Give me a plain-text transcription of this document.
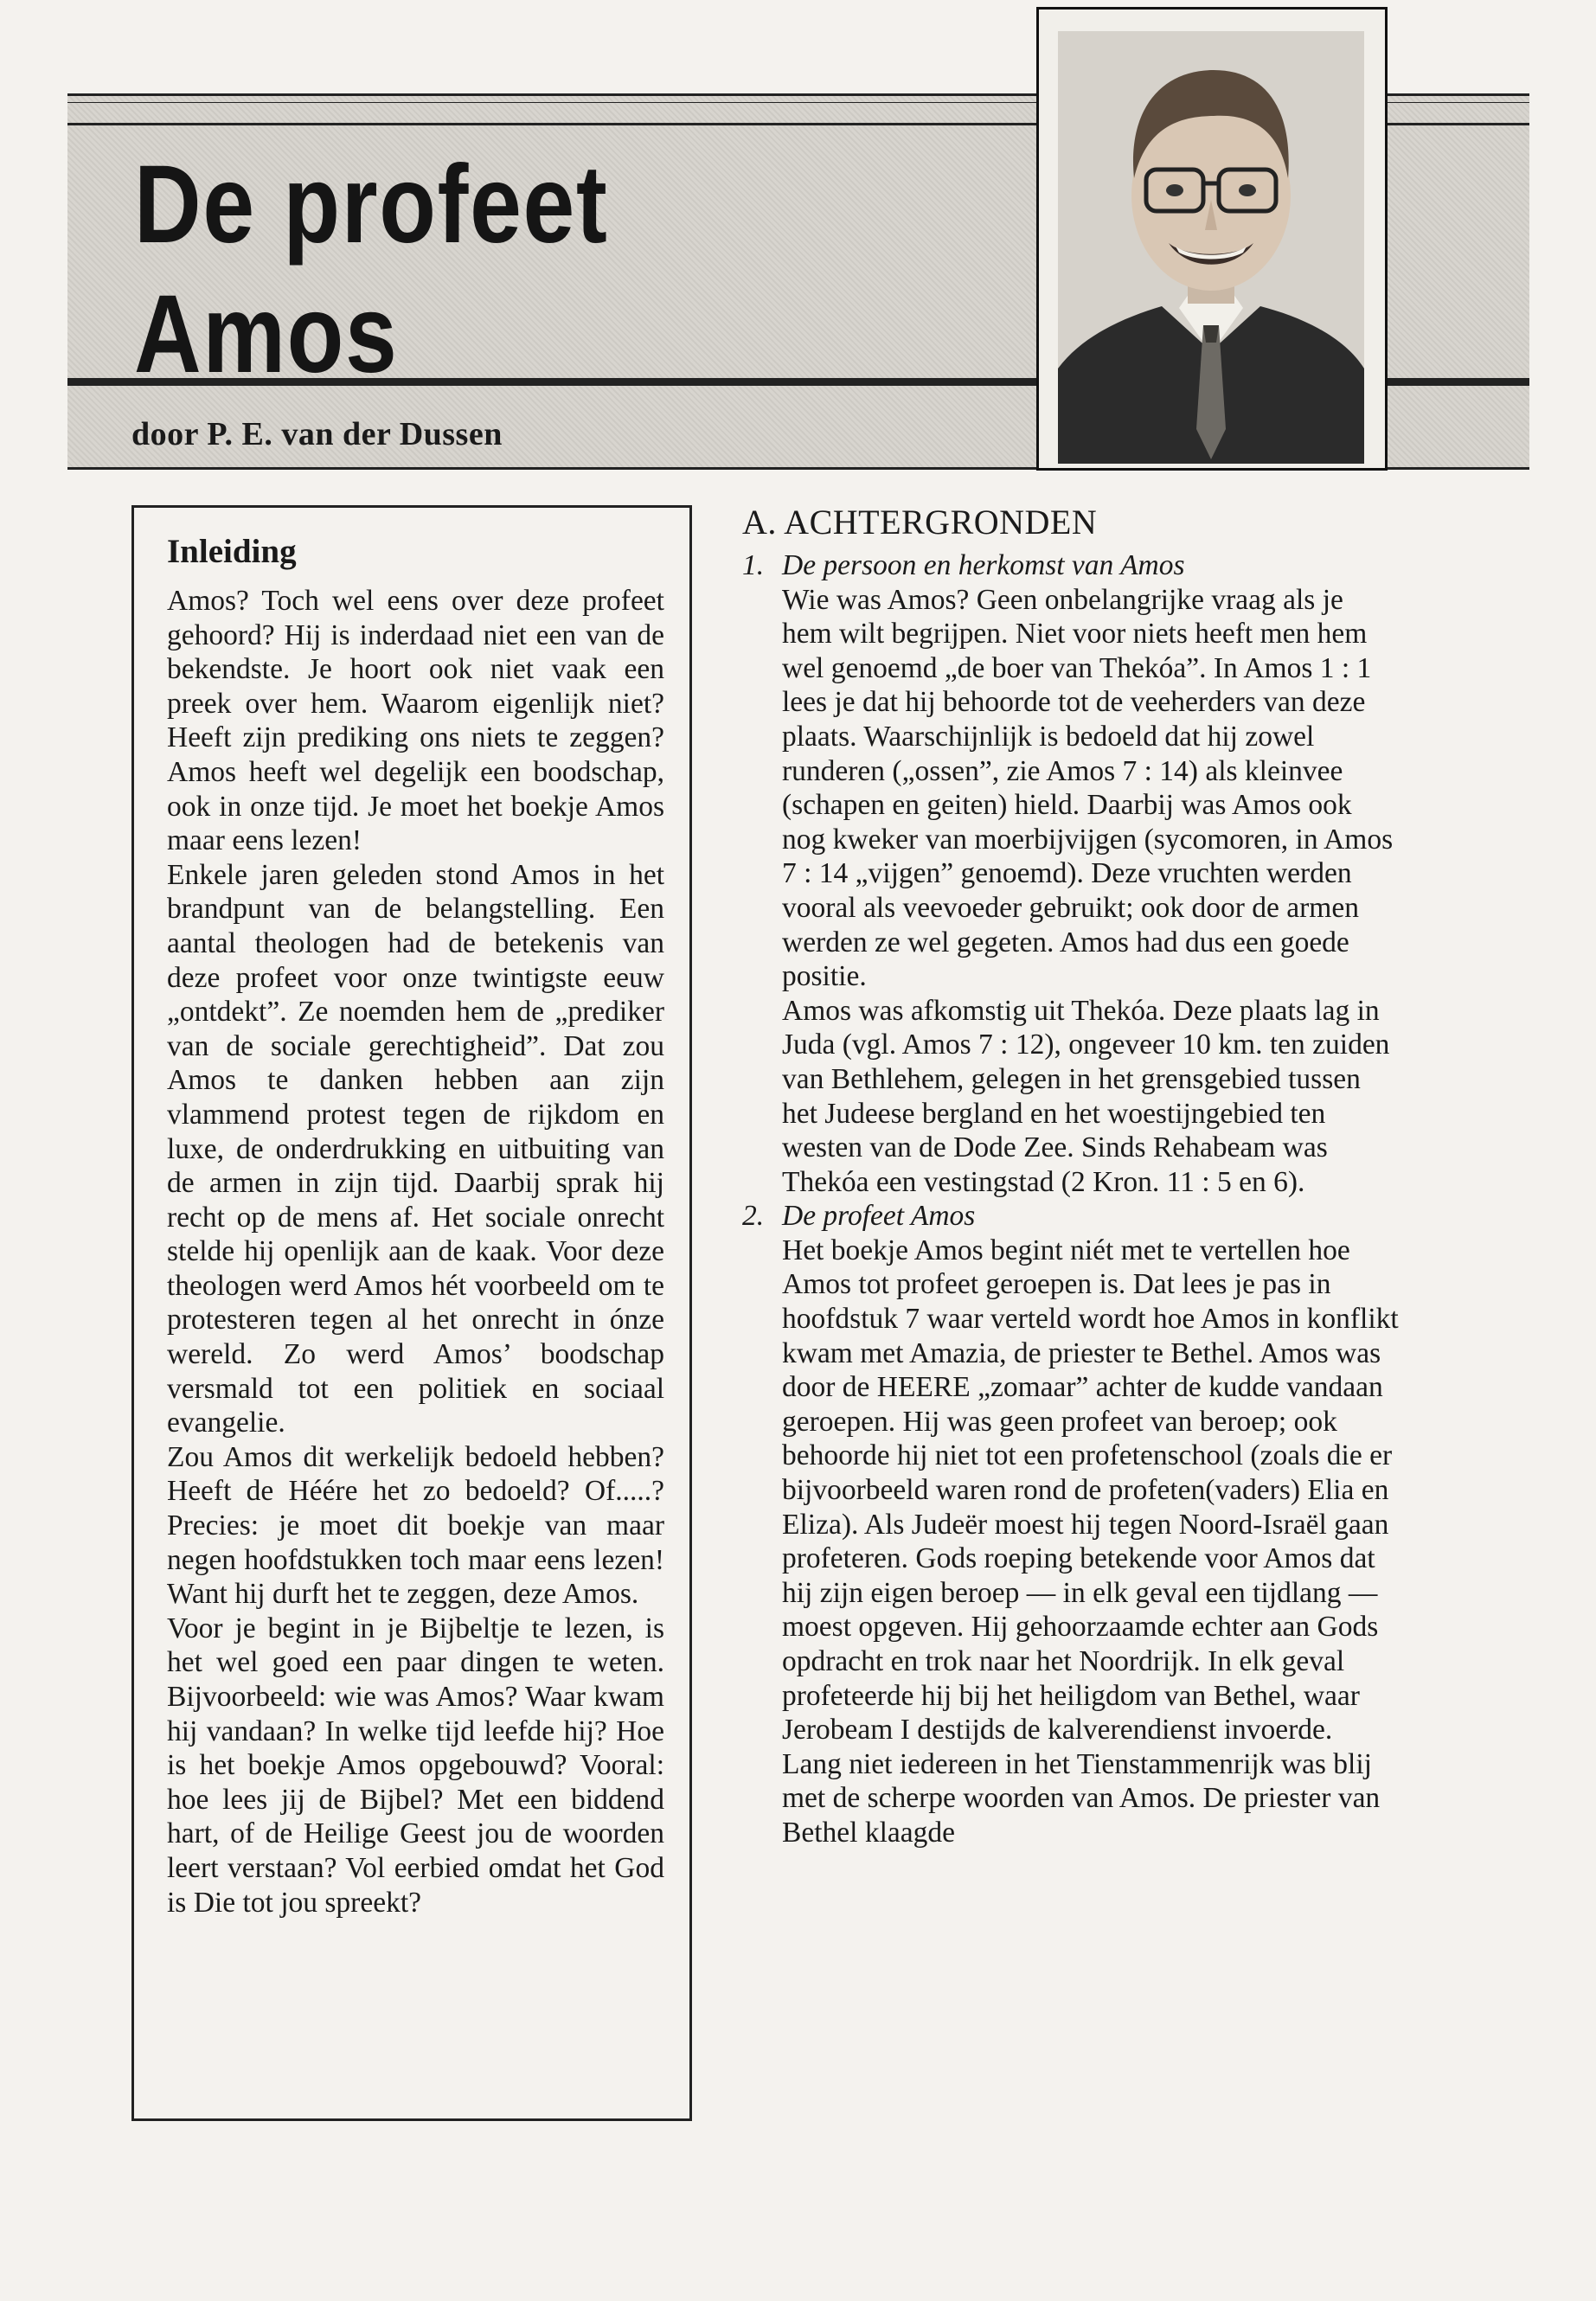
De profeet Amos
door P. E. van der Dussen
Inleiding

Amos? Toch wel eens over deze profeet gehoord? Hij is inderdaad niet een van de bekendste. Je hoort ook niet vaak een preek over hem. Waarom eigenlijk niet? Heeft zijn prediking ons niets te zeggen? Amos heeft wel degelijk een boodschap, ook in onze tijd. Je moet het boekje Amos maar eens lezen!

Enkele jaren geleden stond Amos in het brandpunt van de belangstelling. Een aantal theologen had de betekenis van deze profeet voor onze twintigste eeuw „ontdekt”. Ze noemden hem de „prediker van de sociale gerechtigheid”. Dat zou Amos te danken hebben aan zijn vlammend protest tegen de rijkdom en luxe, de onderdrukking en uitbuiting van de armen in zijn tijd. Daarbij sprak hij recht op de mens af. Het sociale onrecht stelde hij openlijk aan de kaak. Voor deze theologen werd Amos hét voorbeeld om te protesteren tegen al het onrecht in ónze wereld. Zo werd Amos’ boodschap versmald tot een politiek en sociaal evangelie.

Zou Amos dit werkelijk bedoeld hebben? Heeft de Héére het zo bedoeld? Of.....? Precies: je moet dit boekje van maar negen hoofdstukken toch maar eens lezen! Want hij durft het te zeggen, deze Amos.

Voor je begint in je Bijbeltje te lezen, is het wel goed een paar dingen te weten. Bijvoorbeeld: wie was Amos? Waar kwam hij vandaan? In welke tijd leefde hij? Hoe is het boekje Amos opgebouwd? Vooral: hoe lees jij de Bijbel? Met een biddend hart, of de Heilige Geest jou de woorden leert verstaan? Vol eerbied omdat het God is Die tot jou spreekt?

A. ACHTERGRONDEN
1. De persoon en herkomst van Amos

Wie was Amos? Geen onbelangrijke vraag als je hem wilt begrijpen. Niet voor niets heeft men hem wel genoemd „de boer van Thekóa”. In Amos 1 : 1 lees je dat hij behoorde tot de veeherders van deze plaats. Waarschijnlijk is bedoeld dat hij zowel runderen („ossen”, zie Amos 7 : 14) als kleinvee (schapen en geiten) hield. Daarbij was Amos ook nog kweker van moerbijvijgen (sycomoren, in Amos 7 : 14 „vijgen” genoemd). Deze vruchten werden vooral als veevoeder gebruikt; ook door de armen werden ze wel gegeten. Amos had dus een goede positie.

Amos was afkomstig uit Thekóa. Deze plaats lag in Juda (vgl. Amos 7 : 12), ongeveer 10 km. ten zuiden van Bethlehem, gelegen in het grensgebied tussen het Judeese bergland en het woestijngebied ten westen van de Dode Zee. Sinds Rehabeam was Thekóa een vestingstad (2 Kron. 11 : 5 en 6).

2. De profeet Amos

Het boekje Amos begint niét met te vertellen hoe Amos tot profeet geroepen is. Dat lees je pas in hoofdstuk 7 waar verteld wordt hoe Amos in konflikt kwam met Amazia, de priester te Bethel. Amos was door de HEERE „zomaar” achter de kudde vandaan geroepen. Hij was geen profeet van beroep; ook behoorde hij niet tot een profetenschool (zoals die er bijvoorbeeld waren rond de profeten(vaders) Elia en Eliza). Als Judeër moest hij tegen Noord-Israël gaan profeteren. Gods roeping betekende voor Amos dat hij zijn eigen beroep — in elk geval een tijdlang — moest opgeven. Hij gehoorzaamde echter aan Gods opdracht en trok naar het Noordrijk. In elk geval profeteerde hij bij het heiligdom van Bethel, waar Jerobeam I destijds de kalverendienst invoerde.

Lang niet iedereen in het Tienstammenrijk was blij met de scherpe woorden van Amos. De priester van Bethel klaagde
